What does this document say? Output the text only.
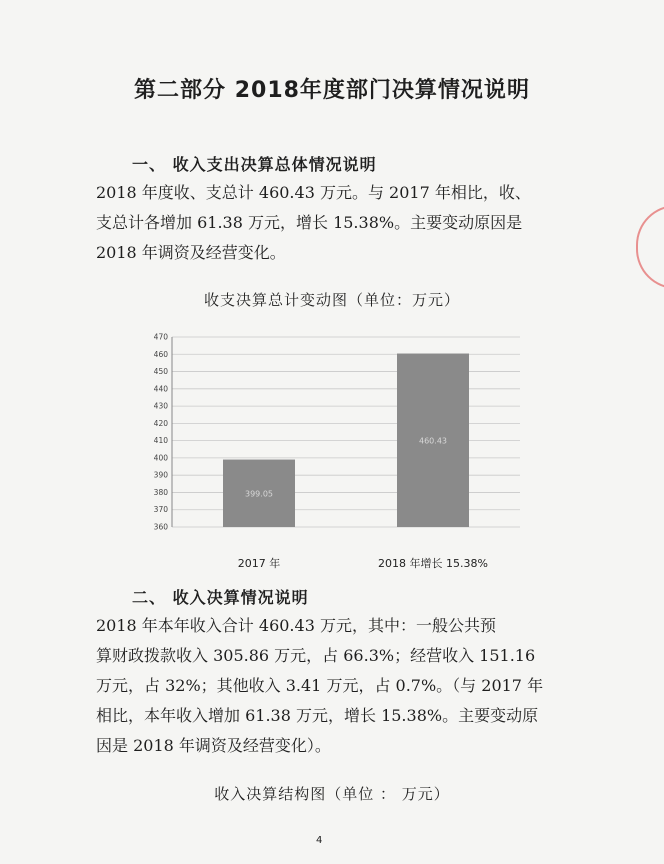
第二部分 2018年度部门决算情况说明
一、 收入支出决算总体情况说明

2018 年度收、支总计 460.43 万元。与 2017 年相比，收、

支总计各增加 61.38 万元，增长 15.38%。主要变动原因是

2018 年调资及经营变化。

收支决算总计变动图（单位：万元）
360
370
380
390
400
410
420
430
440
450
460
470
399.05
2017 年
460.43
2018 年增长 15.38%
二、 收入决算情况说明

2018 年本年收入合计 460.43 万元，其中：一般公共预

算财政拨款收入 305.86 万元，占 66.3%；经营收入 151.16

万元，占 32%；其他收入 3.41 万元，占 0.7%。（与 2017 年

相比，本年收入增加 61.38 万元，增长 15.38%。主要变动原

因是 2018 年调资及经营变化）。

收入决算结构图（单位 ： 万元）
4
